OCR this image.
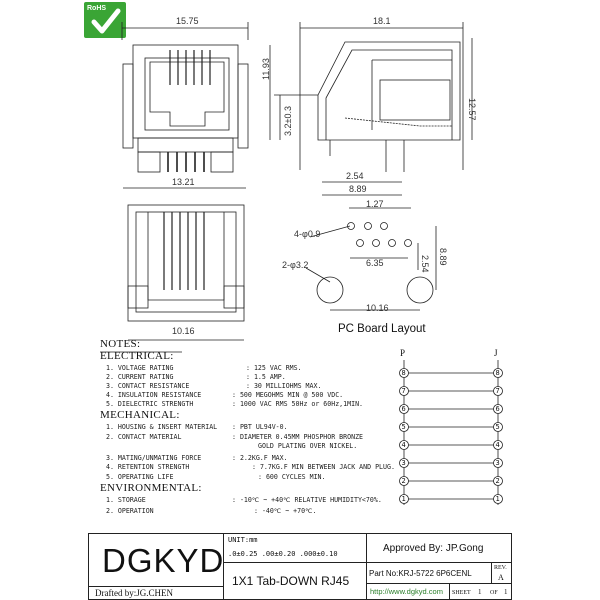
RoHS
15.75	18.1
11.93
12.57
3.2±0.3
2.54
8.89
13.21
10.16
1.27
4-φ0.9
2-φ3.2	6.35
10.16
2.54 8.89
PC Board Layout
P	J
8	8
7	7
6	6
5	5
4	4
3	3
2	2
1	1
NOTES:
ELECTRICAL:
1. VOLTAGE RATING	: 125 VAC RMS.
2. CURRENT RATING	: 1.5 AMP.
3. CONTACT RESISTANCE	: 30 MILLIOHMS MAX.
4. INSULATION RESISTANCE	: 500 MEGOHMS MIN @ 500 VDC.
5. DIELECTRIC STRENGTH	: 1000 VAC RMS 50Hz or 60Hz,1MIN.
MECHANICAL:
1. HOUSING & INSERT MATERIAL : PBT UL94V-0.
2. CONTACT MATERIAL	: DIAMETER 0.45MM PHOSPHOR BRONZE
GOLD PLATING OVER NICKEL.
3. MATING/UNMATING FORCE	: 2.2KG.F MAX.
4. RETENTION STRENGTH	: 7.7KG.F MIN BETWEEN JACK AND PLUG.
5. OPERATING LIFE	: 600 CYCLES MIN.
ENVIRONMENTAL:
1. STORAGE	: -10℃ ~ +40℃ RELATIVE HUMIDITY<70%.
2. OPERATION	: -40℃ ~ +70℃.
DGKYD
Drafted by:JG.CHEN
UNIT:mm
.0±0.25 .00±0.20 .000±0.10
1X1 Tab-DOWN RJ45
Approved By: JP.Gong
Part No:KRJ-5722 6P6CENL
REV.
A
http://www.dgkyd.com SHEET 1 OF 1
